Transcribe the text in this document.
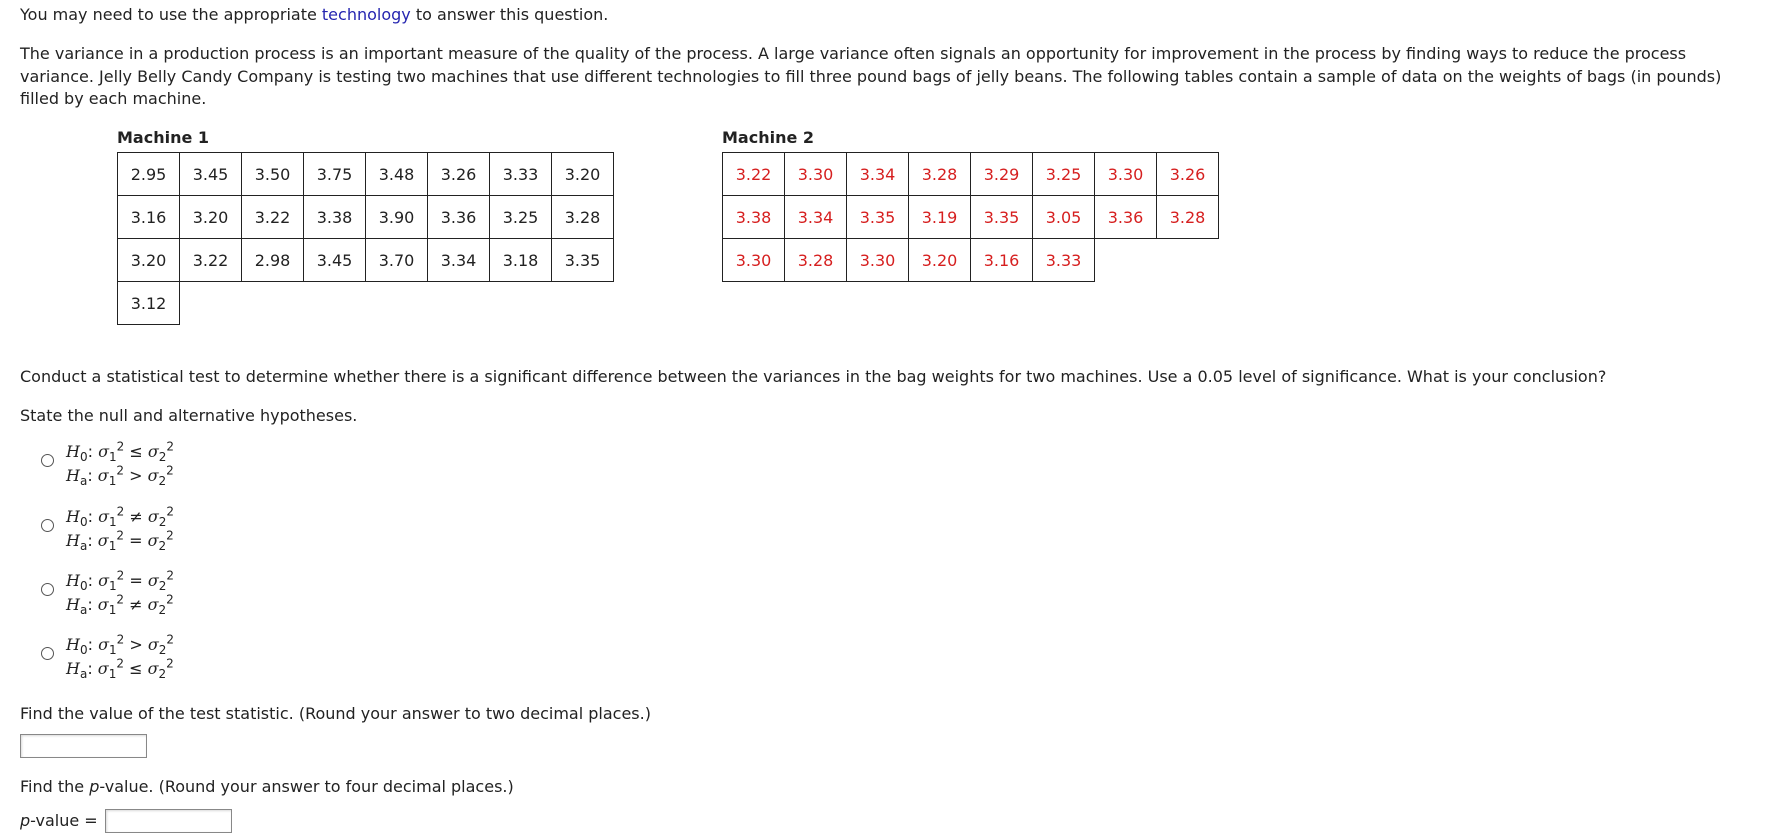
You may need to use the appropriate technology to answer this question.
The variance in a production process is an important measure of the quality of the process. A large variance often signals an opportunity for improvement in the process by finding ways to reduce the process variance. Jelly Belly Candy Company is testing two machines that use different technologies to fill three pound bags of jelly beans. The following tables contain a sample of data on the weights of bags (in pounds) filled by each machine.
Machine 1	Machine 2
2.95	3.45	3.50	3.75	3.48	3.26	3.33	3.20
3.16	3.20	3.22	3.38	3.90	3.36	3.25	3.28
3.20	3.22	2.98	3.45	3.70	3.34	3.18	3.35
3.12							
3.22	3.30	3.34	3.28	3.29	3.25	3.30	3.26
3.38	3.34	3.35	3.19	3.35	3.05	3.36	3.28
3.30	3.28	3.30	3.20	3.16	3.33		
Conduct a statistical test to determine whether there is a significant difference between the variances in the bag weights for two machines. Use a 0.05 level of significance. What is your conclusion?
State the null and alternative hypotheses.
$H_0$: $\sigma_1^2 \le \sigma_2^2$
$H_a$: $\sigma_1^2 > \sigma_2^2$
$H_0$: $\sigma_1^2 \ne \sigma_2^2$
$H_a$: $\sigma_1^2 = \sigma_2^2$
$H_0$: $\sigma_1^2 = \sigma_2^2$
$H_a$: $\sigma_1^2 \ne \sigma_2^2$
$H_0$: $\sigma_1^2 > \sigma_2^2$
$H_a$: $\sigma_1^2 \le \sigma_2^2$
Find the value of the test statistic. (Round your answer to two decimal places.)
Find the p-value. (Round your answer to four decimal places.)
p-value =
